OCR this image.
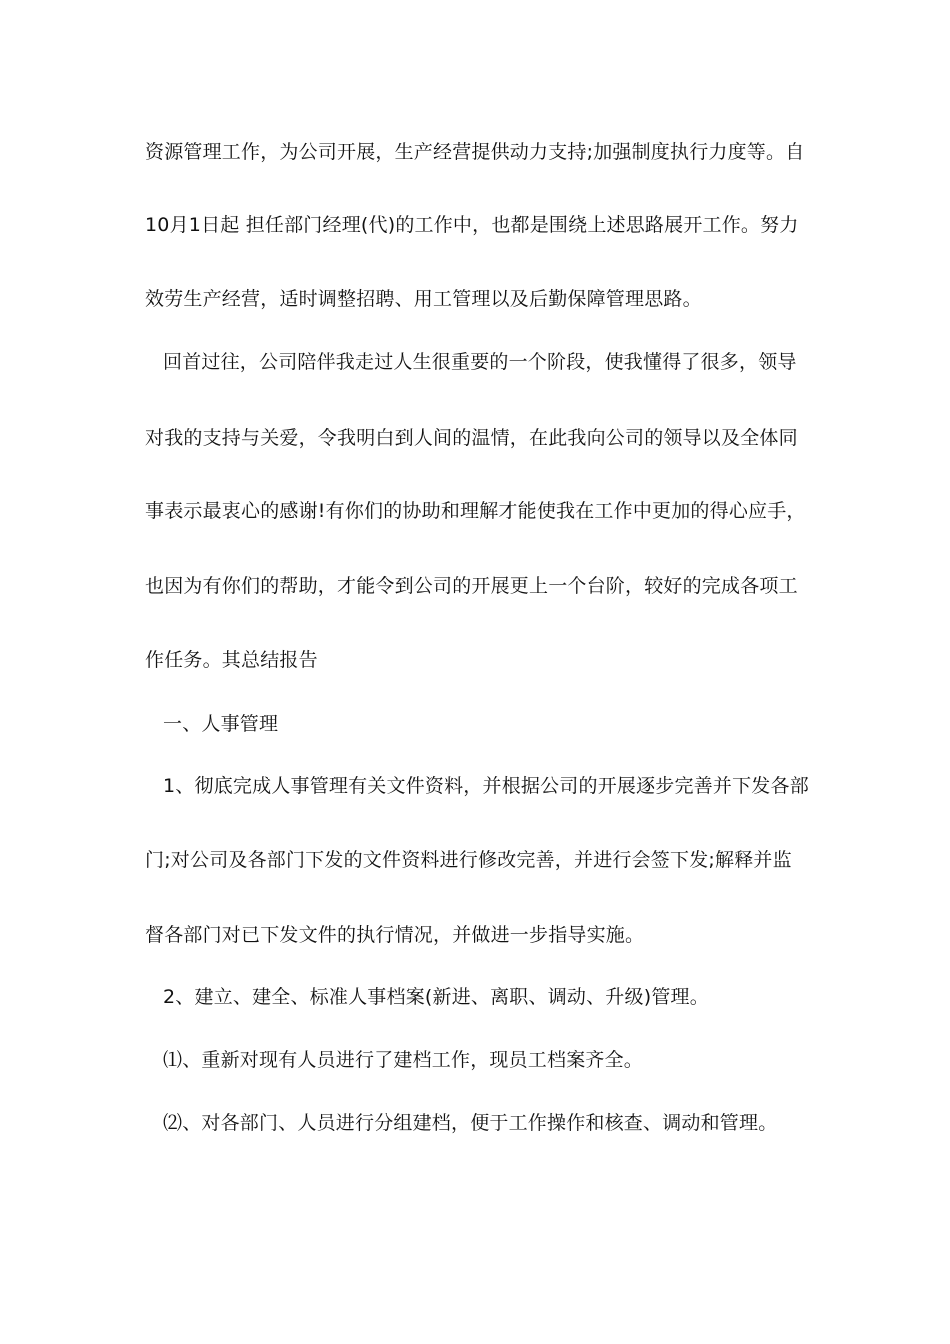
资源管理工作，为公司开展，生产经营提供动力支持;加强制度执行力度等。自
10月1日起 担任部门经理(代)的工作中，也都是围绕上述思路展开工作。努力
效劳生产经营，适时调整招聘、用工管理以及后勤保障管理思路。
回首过往，公司陪伴我走过人生很重要的一个阶段，使我懂得了很多，领导
对我的支持与关爱，令我明白到人间的温情，在此我向公司的领导以及全体同
事表示最衷心的感谢!有你们的协助和理解才能使我在工作中更加的得心应手，
也因为有你们的帮助，才能令到公司的开展更上一个台阶，较好的完成各项工
作任务。其总结报告
一、人事管理
1、彻底完成人事管理有关文件资料，并根据公司的开展逐步完善并下发各部
门;对公司及各部门下发的文件资料进行修改完善，并进行会签下发;解释并监
督各部门对已下发文件的执行情况，并做进一步指导实施。
2、建立、建全、标准人事档案(新进、离职、调动、升级)管理。
⑴、重新对现有人员进行了建档工作，现员工档案齐全。
⑵、对各部门、人员进行分组建档，便于工作操作和核查、调动和管理。
